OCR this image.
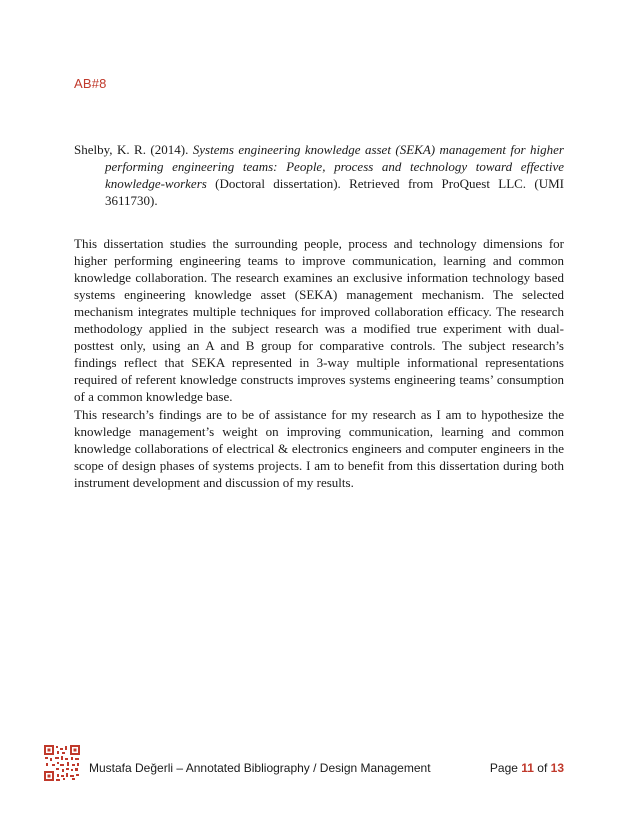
AB#8
Shelby, K. R. (2014). Systems engineering knowledge asset (SEKA) management for higher performing engineering teams: People, process and technology toward effective knowledge-workers (Doctoral dissertation). Retrieved from ProQuest LLC. (UMI 3611730).
This dissertation studies the surrounding people, process and technology dimensions for higher performing engineering teams to improve communication, learning and common knowledge collaboration. The research examines an exclusive information technology based systems engineering knowledge asset (SEKA) management mechanism. The selected mechanism integrates multiple techniques for improved collaboration efficacy. The research methodology applied in the subject research was a modified true experiment with dual-posttest only, using an A and B group for comparative controls. The subject research’s findings reflect that SEKA represented in 3-way multiple informational representations required of referent knowledge constructs improves systems engineering teams’ consumption of a common knowledge base.
This research’s findings are to be of assistance for my research as I am to hypothesize the knowledge management’s weight on improving communication, learning and common knowledge collaborations of electrical & electronics engineers and computer engineers in the scope of design phases of systems projects. I am to benefit from this dissertation during both instrument development and discussion of my results.
Mustafa Değerli – Annotated Bibliography / Design Management	Page 11 of 13
